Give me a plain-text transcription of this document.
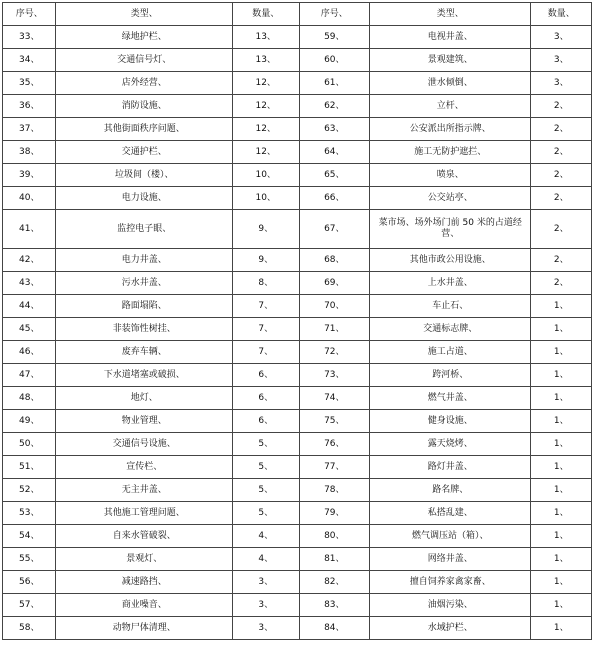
序号、	类型、	数量、	序号、	类型、	数量、
33、	绿地护栏、	13、	59、	电视井盖、	3、
34、	交通信号灯、	13、	60、	景观建筑、	3、
35、	店外经营、	12、	61、	泄水倾倒、	3、
36、	消防设施、	12、	62、	立杆、	2、
37、	其他街面秩序问题、	12、	63、	公安派出所指示牌、	2、
38、	交通护栏、	12、	64、	施工无防护遮拦、	2、
39、	垃圾间（楼）、	10、	65、	喷泉、	2、
40、	电力设施、	10、	66、	公交站亭、	2、
41、	监控电子眼、	9、	67、	菜市场、场外场门前 50 米的占道经营、	2、
42、	电力井盖、	9、	68、	其他市政公用设施、	2、
43、	污水井盖、	8、	69、	上水井盖、	2、
44、	路面塌陷、	7、	70、	车止石、	1、
45、	非装饰性树挂、	7、	71、	交通标志牌、	1、
46、	废弃车辆、	7、	72、	施工占道、	1、
47、	下水道堵塞或破损、	6、	73、	跨河桥、	1、
48、	地灯、	6、	74、	燃气井盖、	1、
49、	物业管理、	6、	75、	健身设施、	1、
50、	交通信号设施、	5、	76、	露天烧烤、	1、
51、	宣传栏、	5、	77、	路灯井盖、	1、
52、	无主井盖、	5、	78、	路名牌、	1、
53、	其他施工管理问题、	5、	79、	私搭乱建、	1、
54、	自来水管破裂、	4、	80、	燃气调压站（箱）、	1、
55、	景观灯、	4、	81、	网络井盖、	1、
56、	减速路挡、	3、	82、	擅自饲养家禽家畜、	1、
57、	商业噪音、	3、	83、	油烟污染、	1、
58、	动物尸体清理、	3、	84、	水域护栏、	1、
